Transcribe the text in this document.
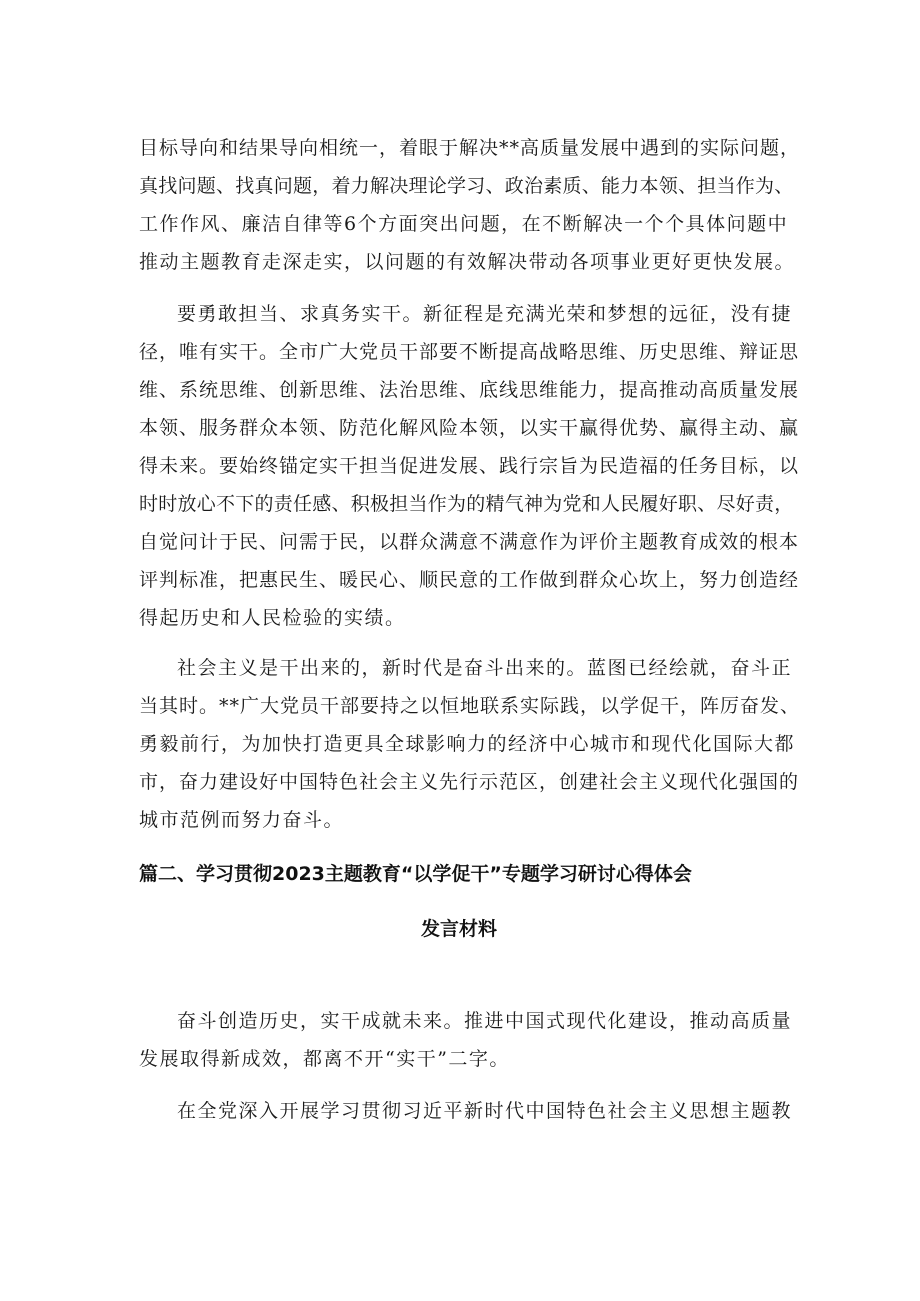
目标导向和结果导向相统一，着眼于解决**高质量发展中遇到的实际问题，
真找问题、找真问题，着力解决理论学习、政治素质、能力本领、担当作为、
工作作风、廉洁自律等6个方面突出问题，在不断解决一个个具体问题中
推动主题教育走深走实，以问题的有效解决带动各项事业更好更快发展。
要勇敢担当、求真务实干。新征程是充满光荣和梦想的远征，没有捷
径，唯有实干。全市广大党员干部要不断提高战略思维、历史思维、辩证思
维、系统思维、创新思维、法治思维、底线思维能力，提高推动高质量发展
本领、服务群众本领、防范化解风险本领，以实干赢得优势、赢得主动、赢
得未来。要始终锚定实干担当促进发展、践行宗旨为民造福的任务目标，以
时时放心不下的责任感、积极担当作为的精气神为党和人民履好职、尽好责，
自觉问计于民、问需于民，以群众满意不满意作为评价主题教育成效的根本
评判标准，把惠民生、暖民心、顺民意的工作做到群众心坎上，努力创造经
得起历史和人民检验的实绩。
社会主义是干出来的，新时代是奋斗出来的。蓝图已经绘就，奋斗正
当其时。**广大党员干部要持之以恒地联系实际践，以学促干，阵厉奋发、
勇毅前行，为加快打造更具全球影响力的经济中心城市和现代化国际大都
市，奋力建设好中国特色社会主义先行示范区，创建社会主义现代化强国的
城市范例而努力奋斗。
篇二、学习贯彻2023主题教育“以学促干”专题学习研讨心得体会
发言材料
奋斗创造历史，实干成就未来。推进中国式现代化建设，推动高质量
发展取得新成效，都离不开“实干”二字。
在全党深入开展学习贯彻习近平新时代中国特色社会主义思想主题教
